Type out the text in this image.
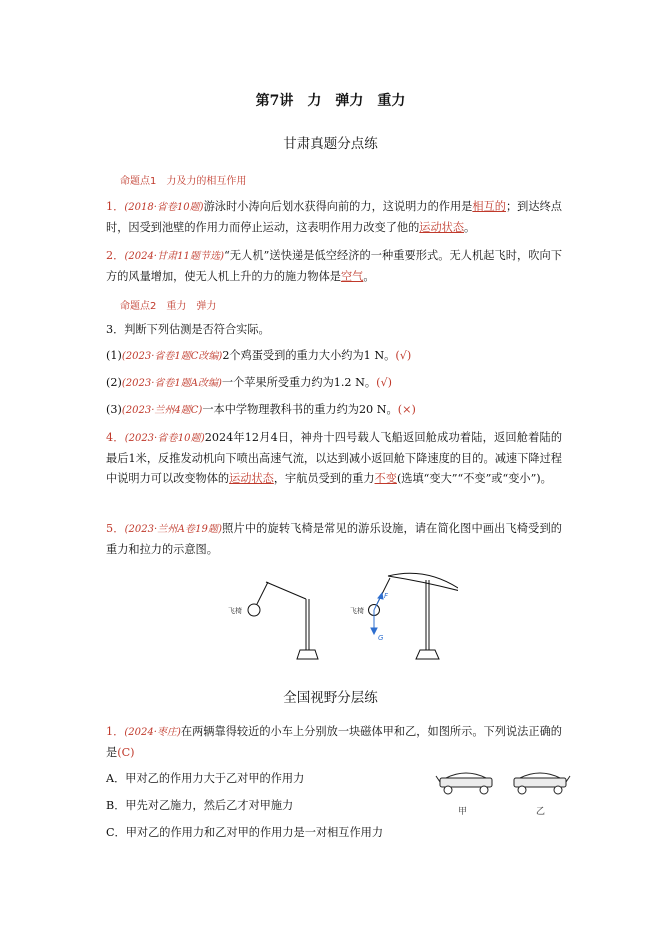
第7讲　力　弹力　重力
甘肃真题分点练
命题点1　力及力的相互作用
1．(2018·省卷10题)游泳时小涛向后划水获得向前的力，这说明力的作用是相互的；到达终点时，因受到池壁的作用力而停止运动，这表明作用力改变了他的运动状态。
2．(2024·甘肃11题节选)“无人机”送快递是低空经济的一种重要形式。无人机起飞时，吹向下方的风量增加，使无人机上升的力的施力物体是空气。
命题点2　重力　弹力
3．判断下列估测是否符合实际。
(1)(2023·省卷1题C改编)2个鸡蛋受到的重力大小约为1 N。(√)
(2)(2023·省卷1题A改编)一个苹果所受重力约为1.2 N。(√)
(3)(2023·兰州4题C)一本中学物理教科书的重力约为20 N。(×)
4．(2023·省卷10题)2024年12月4日，神舟十四号载人飞船返回舱成功着陆，返回舱着陆的最后1米，反推发动机向下喷出高速气流，以达到减小返回舱下降速度的目的。减速下降过程中说明力可以改变物体的运动状态，宇航员受到的重力不变(选填“变大”“不变”或“变小”)。
5．(2023·兰州A卷19题)照片中的旋转飞椅是常见的游乐设施，请在简化图中画出飞椅受到的重力和拉力的示意图。
飞椅	飞椅
F
G
全国视野分层练
1．(2024·枣庄)在两辆靠得较近的小车上分别放一块磁体甲和乙，如图所示。下列说法正确的是(C)
A．甲对乙的作用力大于乙对甲的作用力
B．甲先对乙施力，然后乙才对甲施力
C．甲对乙的作用力和乙对甲的作用力是一对相互作用力
甲	乙
